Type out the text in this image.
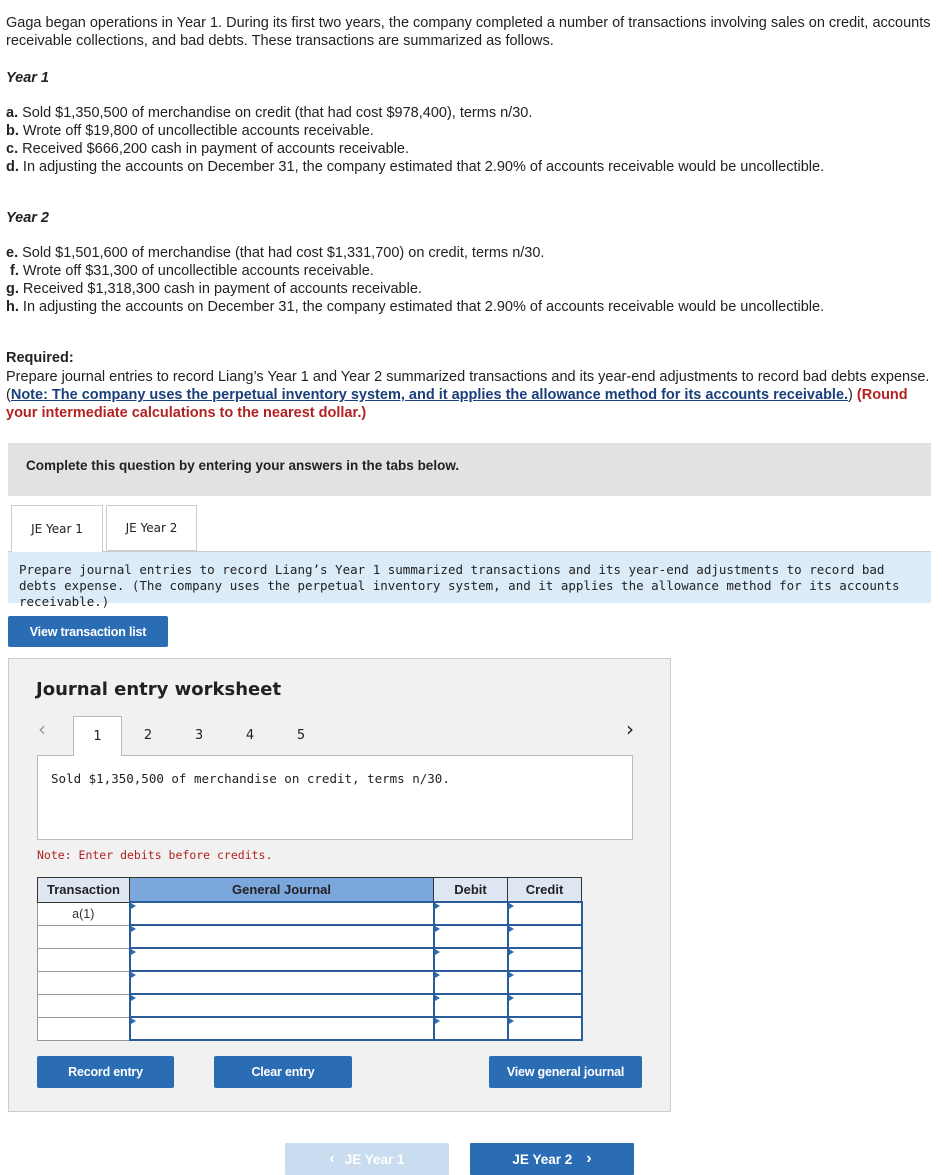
Gaga began operations in Year 1. During its first two years, the company completed a number of transactions involving sales on credit, accounts receivable collections, and bad debts. These transactions are summarized as follows.

Year 1

a. Sold $1,350,500 of merchandise on credit (that had cost $978,400), terms n/30.

b. Wrote off $19,800 of uncollectible accounts receivable.

c. Received $666,200 cash in payment of accounts receivable.

d. In adjusting the accounts on December 31, the company estimated that 2.90% of accounts receivable would be uncollectible.

Year 2

e. Sold $1,501,600 of merchandise (that had cost $1,331,700) on credit, terms n/30.

f. Wrote off $31,300 of uncollectible accounts receivable.

g. Received $1,318,300 cash in payment of accounts receivable.

h. In adjusting the accounts on December 31, the company estimated that 2.90% of accounts receivable would be uncollectible.

Required:

Prepare journal entries to record Liang’s Year 1 and Year 2 summarized transactions and its year-end adjustments to record bad debts expense. (Note: The company uses the perpetual inventory system, and it applies the allowance method for its accounts receivable.) (Round your intermediate calculations to the nearest dollar.)

Complete this question by entering your answers in the tabs below.
JE Year 1	JE Year 2
Prepare journal entries to record Liang’s Year 1 summarized transactions and its year-end adjustments to record bad debts expense. (The company uses the perpetual inventory system, and it applies the allowance method for its accounts receivable.)
View transaction list
Journal entry worksheet
‹	1	2	3	4	5	›
Sold $1,350,500 of merchandise on credit, terms n/30.
Note: Enter debits before credits.
Transaction	General Journal	Debit	Credit
a(1)			

Record entry	Clear entry	View general journal
‹ JE Year 1	JE Year 2 ›
